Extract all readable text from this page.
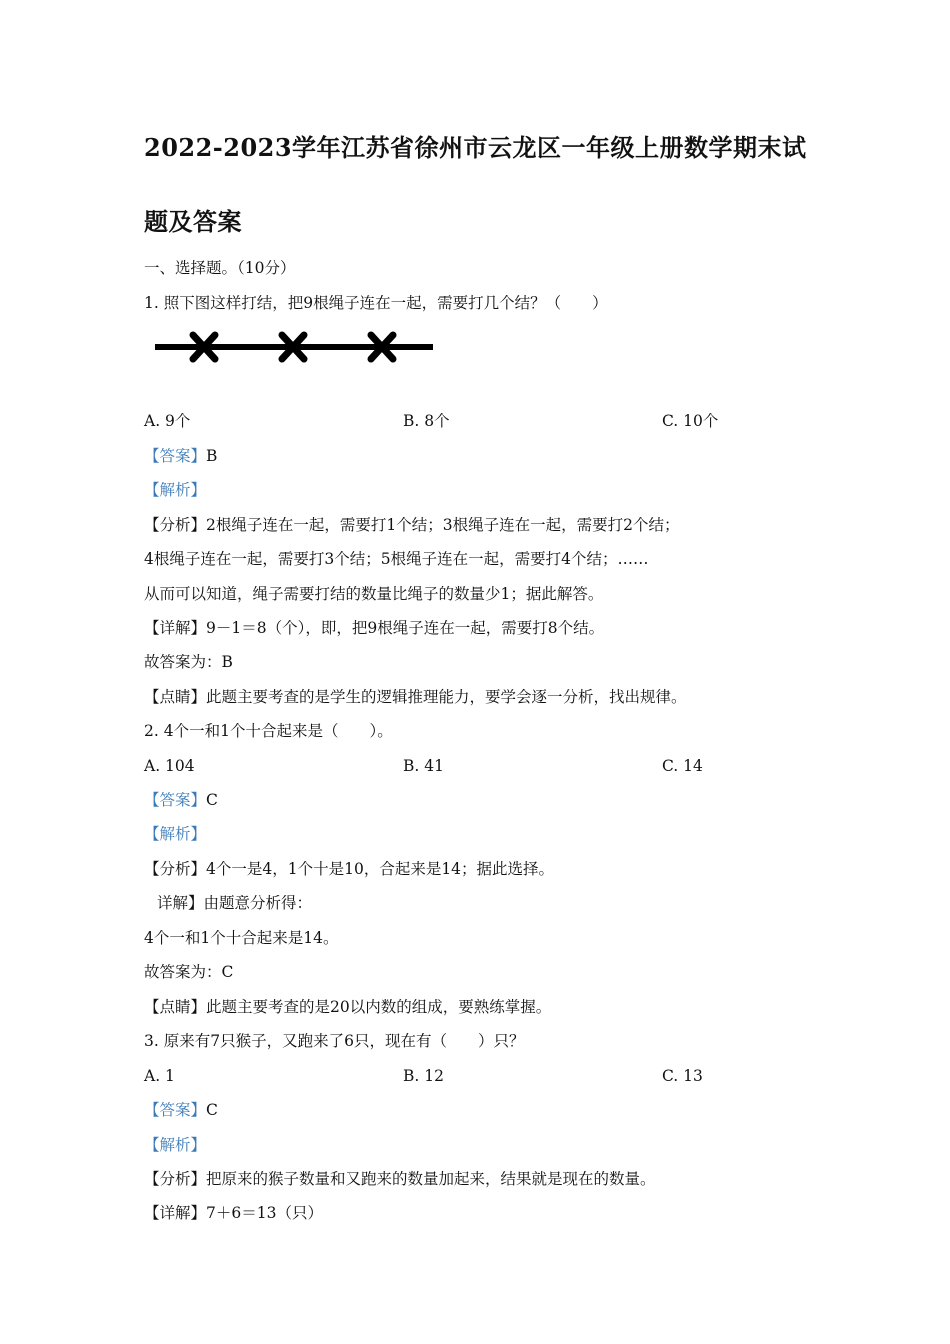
2022-2023学年江苏省徐州市云龙区一年级上册数学期末试
题及答案
一、选择题。（10分）
1. 照下图这样打结，把9根绳子连在一起，需要打几个结？（　　）
A. 9个	B. 8个	C. 10个
【答案】B
【解析】
【分析】2根绳子连在一起，需要打1个结；3根绳子连在一起，需要打2个结；
4根绳子连在一起，需要打3个结；5根绳子连在一起，需要打4个结；……
从而可以知道，绳子需要打结的数量比绳子的数量少1；据此解答。
【详解】9－1＝8（个），即，把9根绳子连在一起，需要打8个结。
故答案为：B
【点睛】此题主要考查的是学生的逻辑推理能力，要学会逐一分析，找出规律。
2. 4个一和1个十合起来是（　　）。
A. 104	B. 41	C. 14
【答案】C
【解析】
【分析】4个一是4，1个十是10，合起来是14；据此选择。
详解】由题意分析得：
4个一和1个十合起来是14。
故答案为：C
【点睛】此题主要考查的是20以内数的组成，要熟练掌握。
3. 原来有7只猴子，又跑来了6只，现在有（　　）只？
A. 1	B. 12	C. 13
【答案】C
【解析】
【分析】把原来的猴子数量和又跑来的数量加起来，结果就是现在的数量。
【详解】7＋6＝13（只）
